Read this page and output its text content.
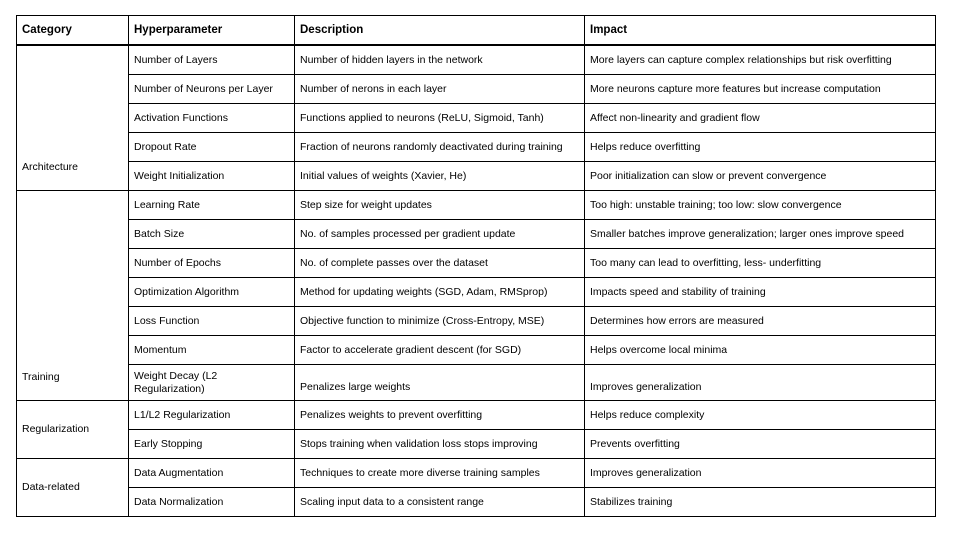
Category	Hyperparameter	Description	Impact
Architecture	Number of Layers	Number of hidden layers in the network	More layers can capture complex relationships but risk overfitting
	Number of Neurons per Layer	Number of nerons in each layer	More neurons capture more features but increase computation
	Activation Functions	Functions applied to neurons (ReLU, Sigmoid, Tanh)	Affect non-linearity and gradient flow
	Dropout Rate	Fraction of neurons randomly deactivated during training	Helps reduce overfitting
	Weight Initialization	Initial values of weights (Xavier, He)	Poor initialization can slow or prevent convergence
Training	Learning Rate	Step size for weight updates	Too high: unstable training; too low: slow convergence
	Batch Size	No. of samples processed per gradient update	Smaller batches improve generalization; larger ones improve speed
	Number of Epochs	No. of complete passes over the dataset	Too many can lead to overfitting, less- underfitting
	Optimization Algorithm	Method for updating weights (SGD, Adam, RMSprop)	Impacts speed and stability of training
	Loss Function	Objective function to minimize (Cross-Entropy, MSE)	Determines how errors are measured
	Momentum	Factor to accelerate gradient descent (for SGD)	Helps overcome local minima
	Weight Decay (L2 Regularization)	Penalizes large weights	Improves generalization
Regularization	L1/L2 Regularization	Penalizes weights to prevent overfitting	Helps reduce complexity
	Early Stopping	Stops training when validation loss stops improving	Prevents overfitting
Data-related	Data Augmentation	Techniques to create more diverse training samples	Improves generalization
	Data Normalization	Scaling input data to a consistent range	Stabilizes training
